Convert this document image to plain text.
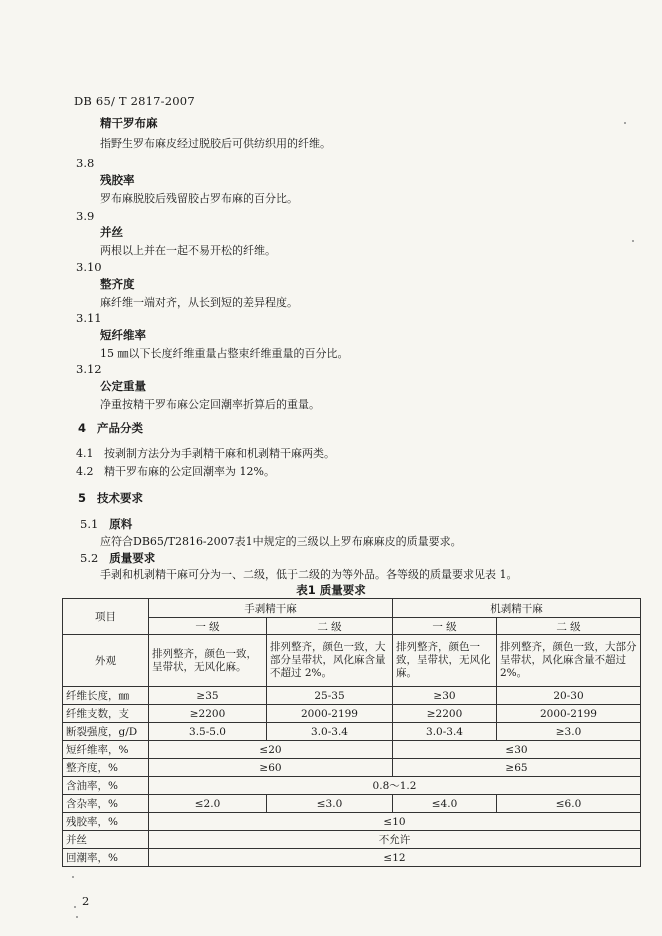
DB 65/ T 2817-2007
精干罗布麻
指野生罗布麻皮经过脱胶后可供纺织用的纤维。
3.8
残胶率
罗布麻脱胶后残留胶占罗布麻的百分比。
3.9
并丝
两根以上并在一起不易开松的纤维。
3.10
整齐度
麻纤维一端对齐，从长到短的差异程度。
3.11
短纤维率
15 ㎜以下长度纤维重量占整束纤维重量的百分比。
3.12
公定重量
净重按精干罗布麻公定回潮率折算后的重量。
4 产品分类
4.1 按剥制方法分为手剥精干麻和机剥精干麻两类。
4.2 精干罗布麻的公定回潮率为 12%。
5 技术要求
5.1 原料
应符合DB65/T2816-2007表1中规定的三级以上罗布麻麻皮的质量要求。
5.2 质量要求
手剥和机剥精干麻可分为一、二级，低于二级的为等外品。各等级的质量要求见表 1。
表1 质量要求
项目	手剥精干麻		机剥精干麻	
	一 级	二 级	一 级	二 级
外观	排列整齐，颜色一致，呈带状，无风化麻。	排列整齐，颜色一致，大部分呈带状，风化麻含量不超过 2%。	排列整齐，颜色一致，呈带状，无风化麻。	排列整齐，颜色一致，大部分呈带状，风化麻含量不超过 2%。
纤维长度，㎜	≥35	25-35	≥30	20-30
纤维支数，支	≥2200	2000-2199	≥2200	2000-2199
断裂强度，g/D	3.5-5.0	3.0-3.4	3.0-3.4	≥3.0
短纤维率，%	≤20		≤30	
整齐度，%	≥60		≥65	
含油率，%	0.8～1.2			
含杂率，%	≤2.0	≤3.0	≤4.0	≤6.0
残胶率，%	≤10			
并丝	不允许			
回潮率，%	≤12			
2
